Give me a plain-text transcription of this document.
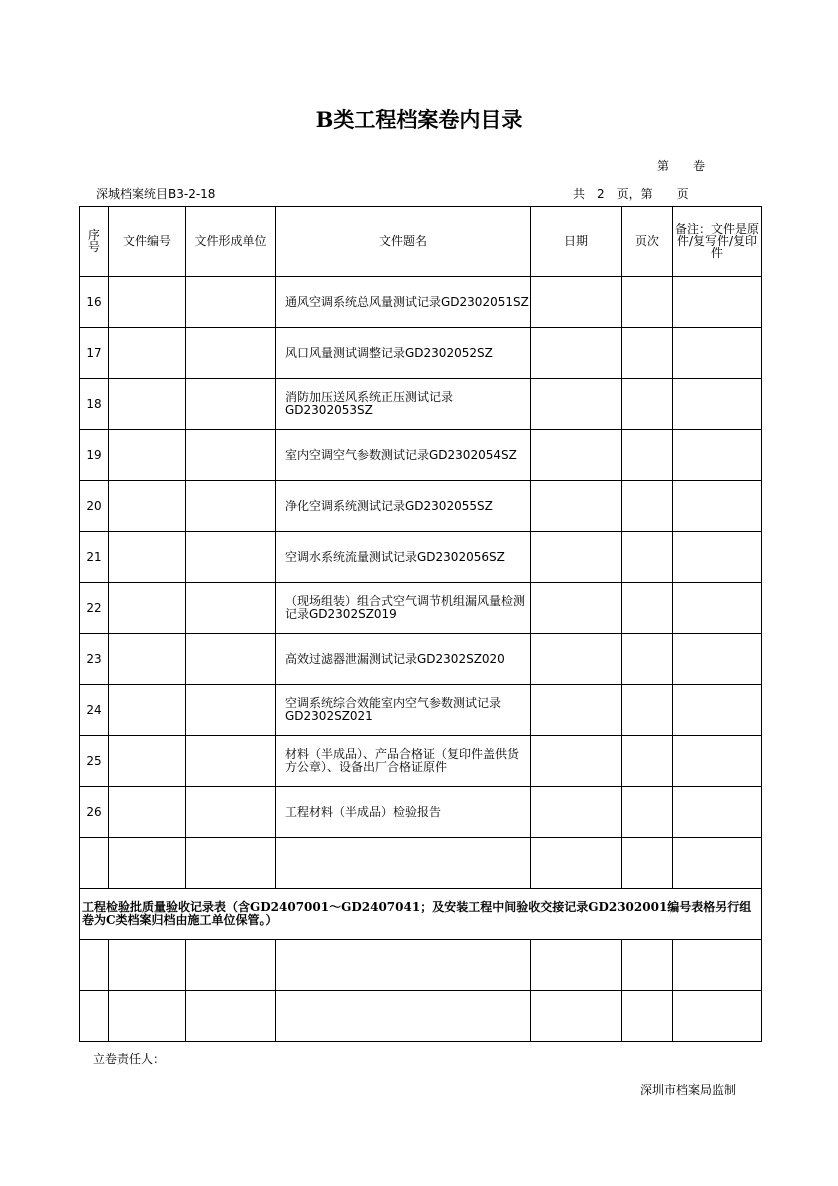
B类工程档案卷内目录
第　　卷
深城档案统目B3-2-18	共　2　页，第　　页
序号	文件编号	文件形成单位	文件题名	日期	页次	备注：文件是原件/复写件/复印件
16			通风空调系统总风量测试记录GD2302051SZ			
17			风口风量测试调整记录GD2302052SZ			
18			消防加压送风系统正压测试记录GD2302053SZ			
19			室内空调空气参数测试记录GD2302054SZ			
20			净化空调系统测试记录GD2302055SZ			
21			空调水系统流量测试记录GD2302056SZ			
22			（现场组装）组合式空气调节机组漏风量检测记录GD2302SZ019			
23			高效过滤器泄漏测试记录GD2302SZ020			
24			空调系统综合效能室内空气参数测试记录GD2302SZ021			
25			材料（半成品）、产品合格证（复印件盖供货方公章）、设备出厂合格证原件			
26			工程材料（半成品）检验报告			

工程检验批质量验收记录表（含GD2407001～GD2407041；及安装工程中间验收交接记录GD2302001编号表格另行组卷为C类档案归档由施工单位保管。）						

立卷责任人：
深圳市档案局监制
